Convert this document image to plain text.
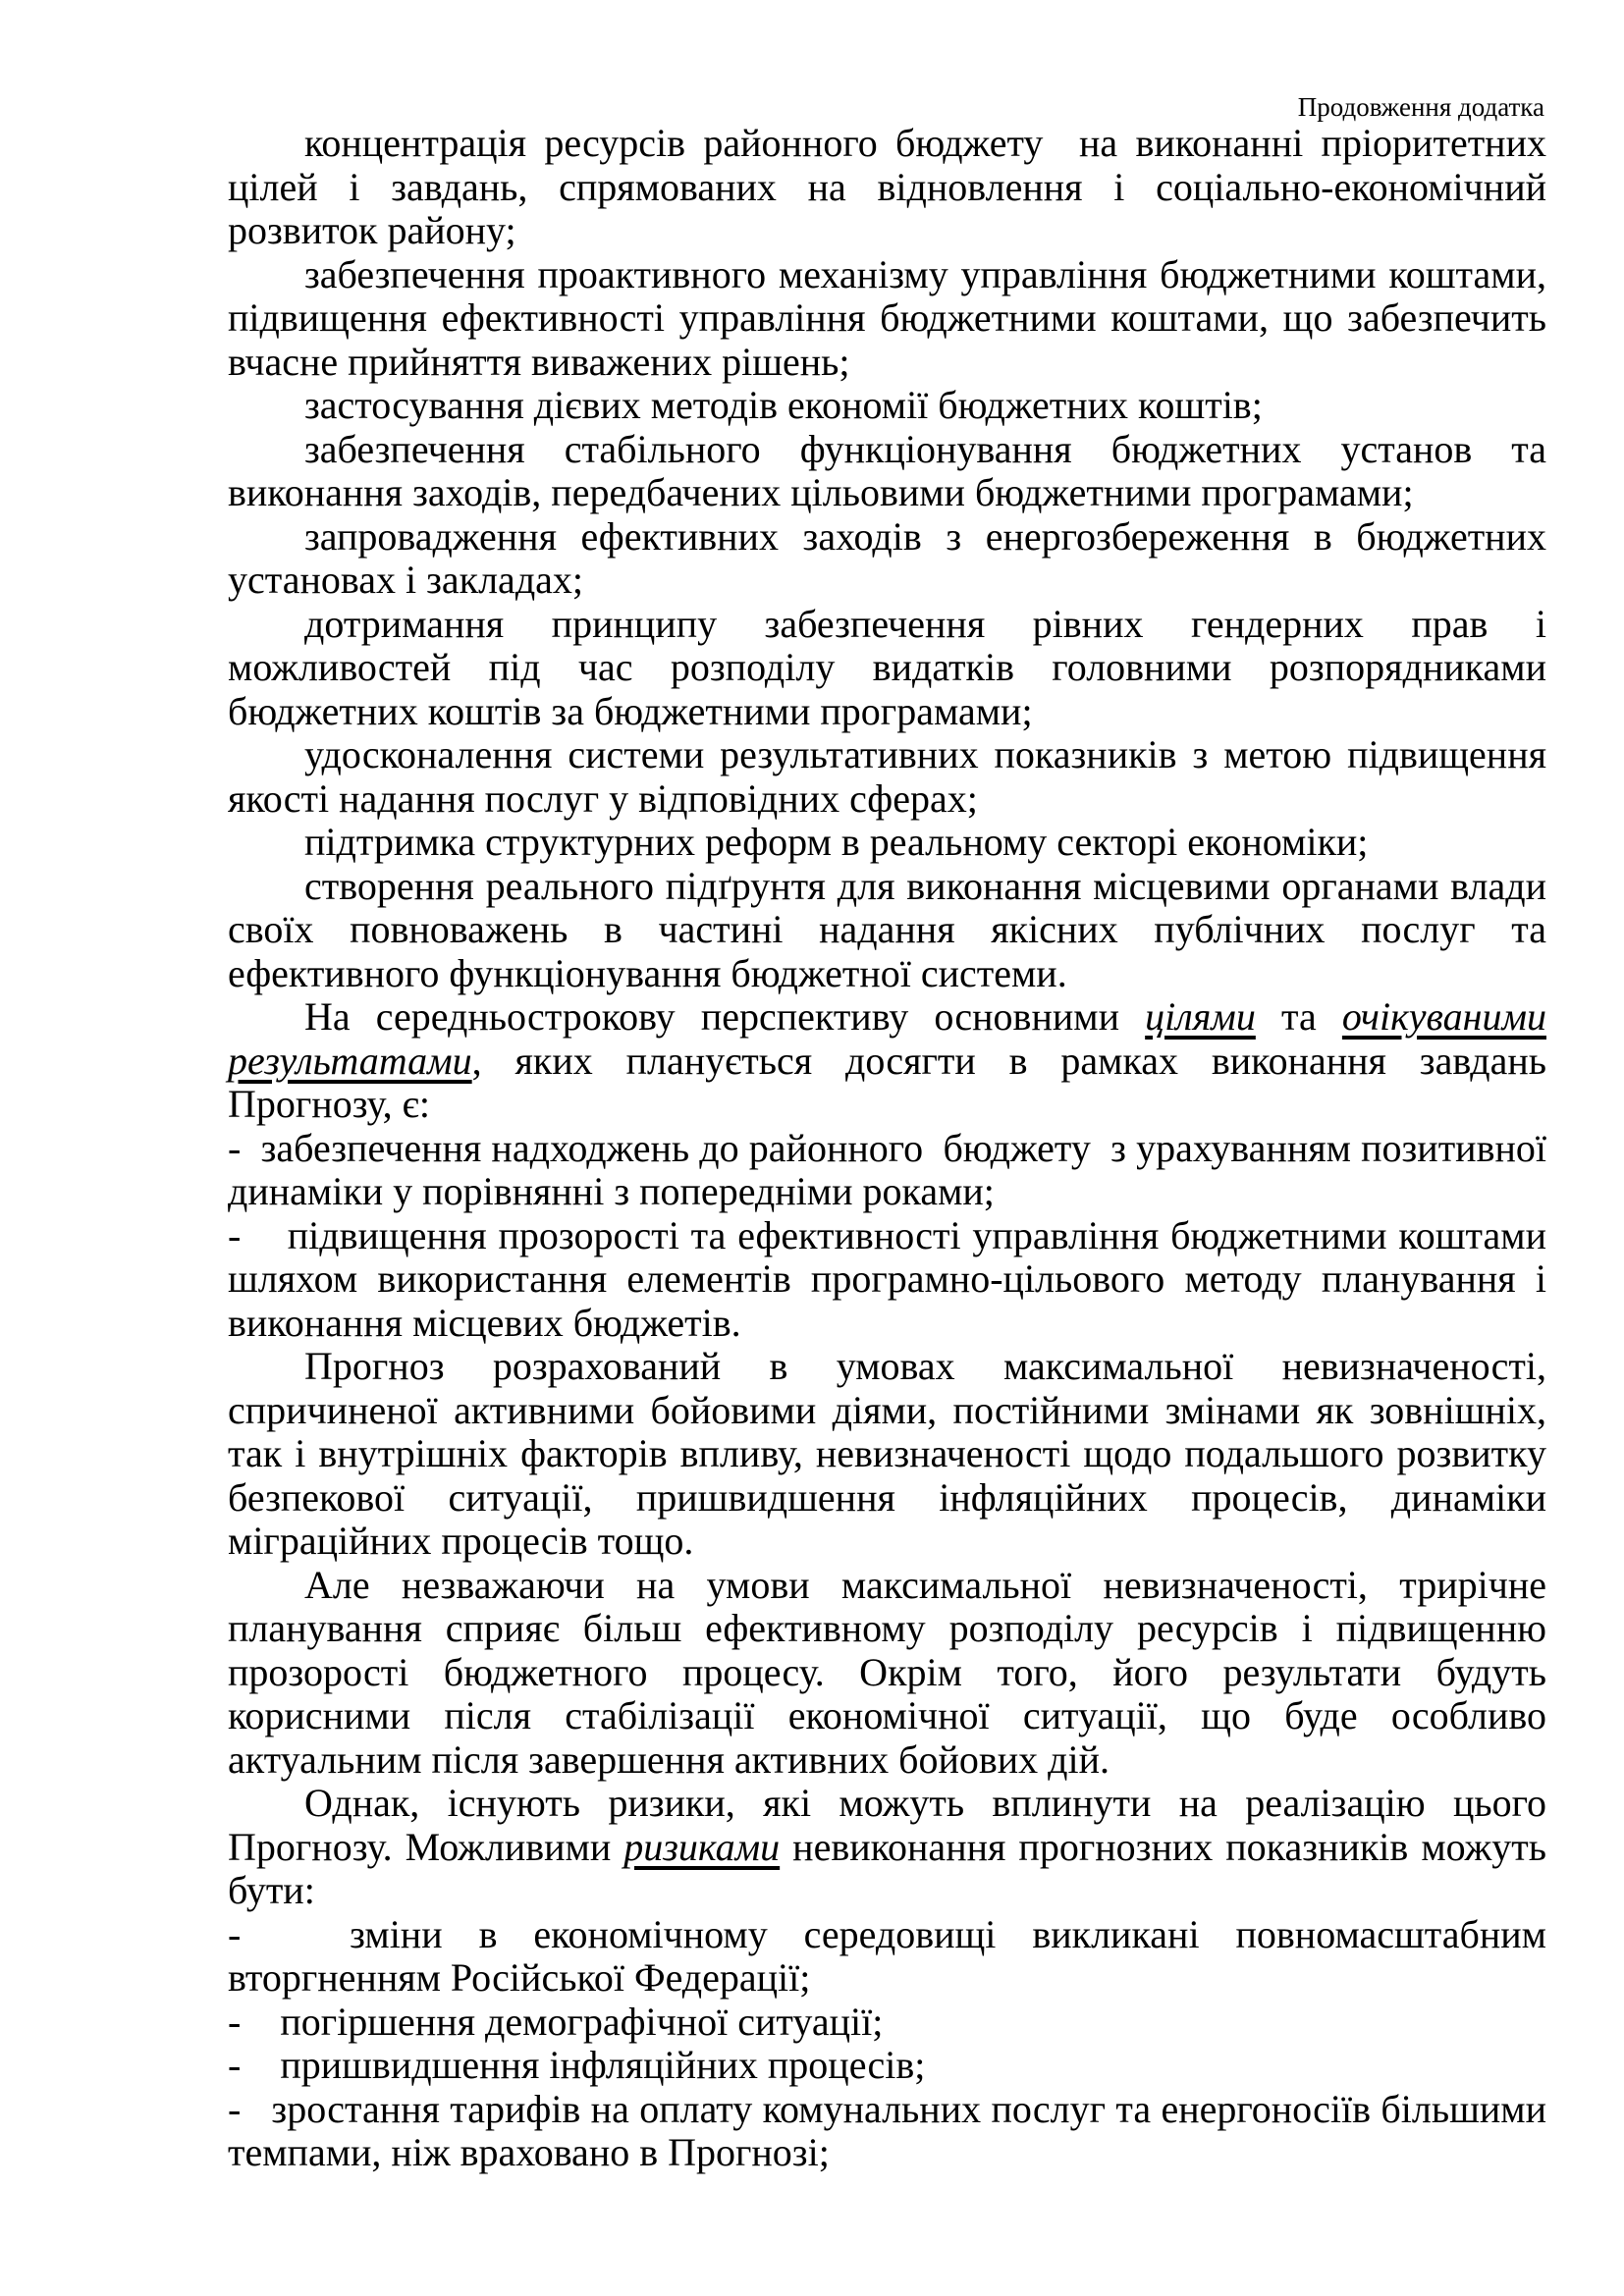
Продовження додатка

концентрація ресурсів районного бюджету  на виконанні пріоритетних цілей і завдань, спрямованих на відновлення і соціально-економічний розвиток району;

забезпечення проактивного механізму управління бюджетними коштами, підвищення ефективності управління бюджетними коштами, що забезпечить вчасне прийняття виважених рішень;

застосування дієвих методів економії бюджетних коштів;

забезпечення стабільного функціонування бюджетних установ та виконання заходів, передбачених цільовими бюджетними програмами;

запровадження ефективних заходів з енергозбереження в бюджетних установах і закладах;

дотримання принципу забезпечення рівних гендерних прав і можливостей під час розподілу видатків головними розпорядниками бюджетних коштів за бюджетними програмами;

удосконалення системи результативних показників з метою підвищення якості надання послуг у відповідних сферах;

підтримка структурних реформ в реальному секторі економіки;

створення реального підґрунтя для виконання місцевими органами влади своїх повноважень в частині надання якісних публічних послуг та ефективного функціонування бюджетної системи.

На середньострокову перспективу основними цілями та очікуваними результатами, яких планується досягти в рамках виконання завдань Прогнозу, є:

-  забезпечення надходжень до районного  бюджету  з урахуванням позитивної динаміки у порівнянні з попередніми роками;

-    підвищення прозорості та ефективності управління бюджетними коштами шляхом використання елементів програмно-цільового методу планування і виконання місцевих бюджетів.

Прогноз розрахований в умовах максимальної невизначеності, спричиненої активними бойовими діями, постійними змінами як зовнішніх, так і внутрішніх факторів впливу, невизначеності щодо подальшого розвитку безпекової ситуації, пришвидшення інфляційних процесів, динаміки міграційних процесів тощо.

Але незважаючи на умови максимальної невизначеності, трирічне планування сприяє більш ефективному розподілу ресурсів і підвищенню прозорості бюджетного процесу. Окрім того, його результати будуть корисними після стабілізації економічної ситуації, що буде особливо актуальним після завершення активних бойових дій.

Однак, існують ризики, які можуть вплинути на реалізацію цього Прогнозу. Можливими ризиками невиконання прогнозних показників можуть бути:

-   зміни в економічному середовищі викликані повномасштабним вторгненням Російської Федерації;

-    погіршення демографічної ситуації;

-    пришвидшення інфляційних процесів;

-   зростання тарифів на оплату комунальних послуг та енергоносіїв більшими темпами, ніж враховано в Прогнозі;
